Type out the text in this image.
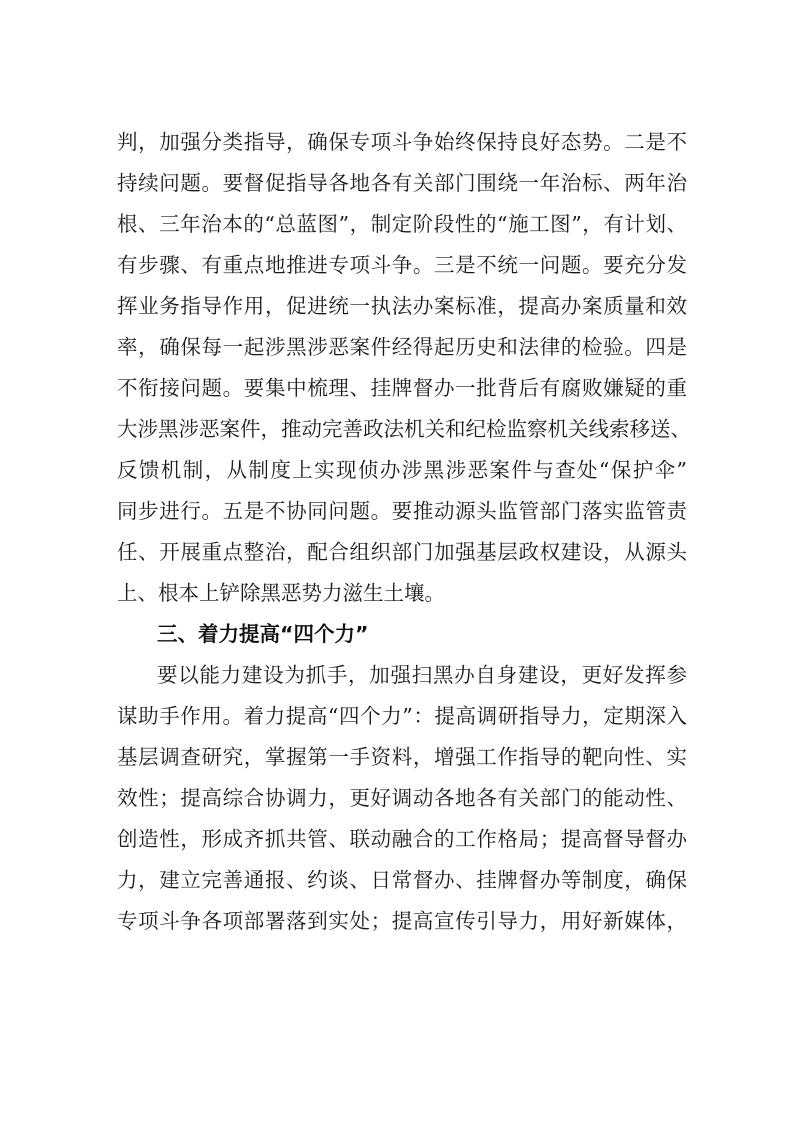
判，加强分类指导，确保专项斗争始终保持良好态势。二是不
持续问题。要督促指导各地各有关部门围绕一年治标、两年治
根、三年治本的“总蓝图”，制定阶段性的“施工图”，有计划、
有步骤、有重点地推进专项斗争。三是不统一问题。要充分发
挥业务指导作用，促进统一执法办案标准，提高办案质量和效
率，确保每一起涉黑涉恶案件经得起历史和法律的检验。四是
不衔接问题。要集中梳理、挂牌督办一批背后有腐败嫌疑的重
大涉黑涉恶案件，推动完善政法机关和纪检监察机关线索移送、
反馈机制，从制度上实现侦办涉黑涉恶案件与查处“保护伞”
同步进行。五是不协同问题。要推动源头监管部门落实监管责
任、开展重点整治，配合组织部门加强基层政权建设，从源头
上、根本上铲除黑恶势力滋生土壤。
三、着力提高“四个力”
要以能力建设为抓手，加强扫黑办自身建设，更好发挥参
谋助手作用。着力提高“四个力”：提高调研指导力，定期深入
基层调查研究，掌握第一手资料，增强工作指导的靶向性、实
效性；提高综合协调力，更好调动各地各有关部门的能动性、
创造性，形成齐抓共管、联动融合的工作格局；提高督导督办
力，建立完善通报、约谈、日常督办、挂牌督办等制度，确保
专项斗争各项部署落到实处；提高宣传引导力，用好新媒体，
